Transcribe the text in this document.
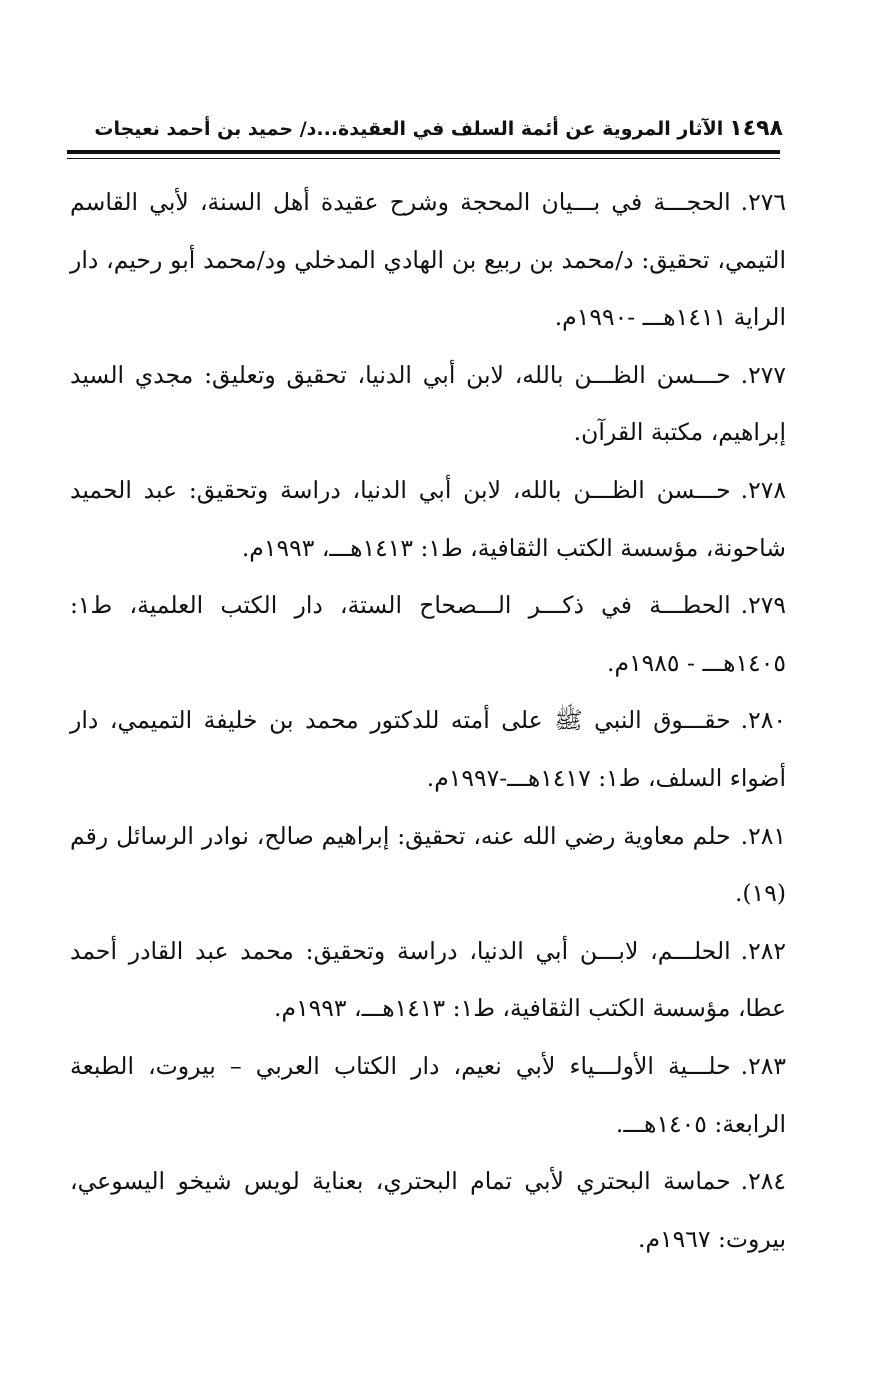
١٤٩٨الآثار المروية عن أئمة السلف في العقيدة...د/ حميد بن أحمد نعيجات
٢٧٦.الحجـــة في بـــيان المحجة وشرح عقيدة أهل السنة، لأبي القاسم التيمي، تحقيق: د/محمد بن ربيع بن الهادي المدخلي ود/محمد أبو رحيم، دار الراية ١٤١١هـــ -١٩٩٠م.
٢٧٧.حـــسن الظـــن بالله، لابن أبي الدنيا، تحقيق وتعليق: مجدي السيد إبراهيم، مكتبة القرآن.
٢٧٨.حـــسن الظـــن بالله، لابن أبي الدنيا، دراسة وتحقيق: عبد الحميد شاحونة، مؤسسة الكتب الثقافية، ط١: ١٤١٣هـــ، ١٩٩٣م.
٢٧٩.الحطـــة في ذكـــر الـــصحاح الستة، دار الكتب العلمية، ط١: ١٤٠٥هـــ - ١٩٨٥م.
٢٨٠.حقـــوق النبي ﷺ على أمته للدكتور محمد بن خليفة التميمي، دار أضواء السلف، ط١: ١٤١٧هـــ-١٩٩٧م.
٢٨١.حلم معاوية رضي الله عنه، تحقيق: إبراهيم صالح، نوادر الرسائل رقم (١٩).
٢٨٢.الحلـــم، لابـــن أبي الدنيا، دراسة وتحقيق: محمد عبد القادر أحمد عطا، مؤسسة الكتب الثقافية، ط١: ١٤١٣هـــ، ١٩٩٣م.
٢٨٣.حلـــية الأولـــياء لأبي نعيم، دار الكتاب العربي – بيروت، الطبعة الرابعة: ١٤٠٥هـــ.
٢٨٤.حماسة البحتري لأبي تمام البحتري، بعناية لويس شيخو اليسوعي، بيروت: ١٩٦٧م.
